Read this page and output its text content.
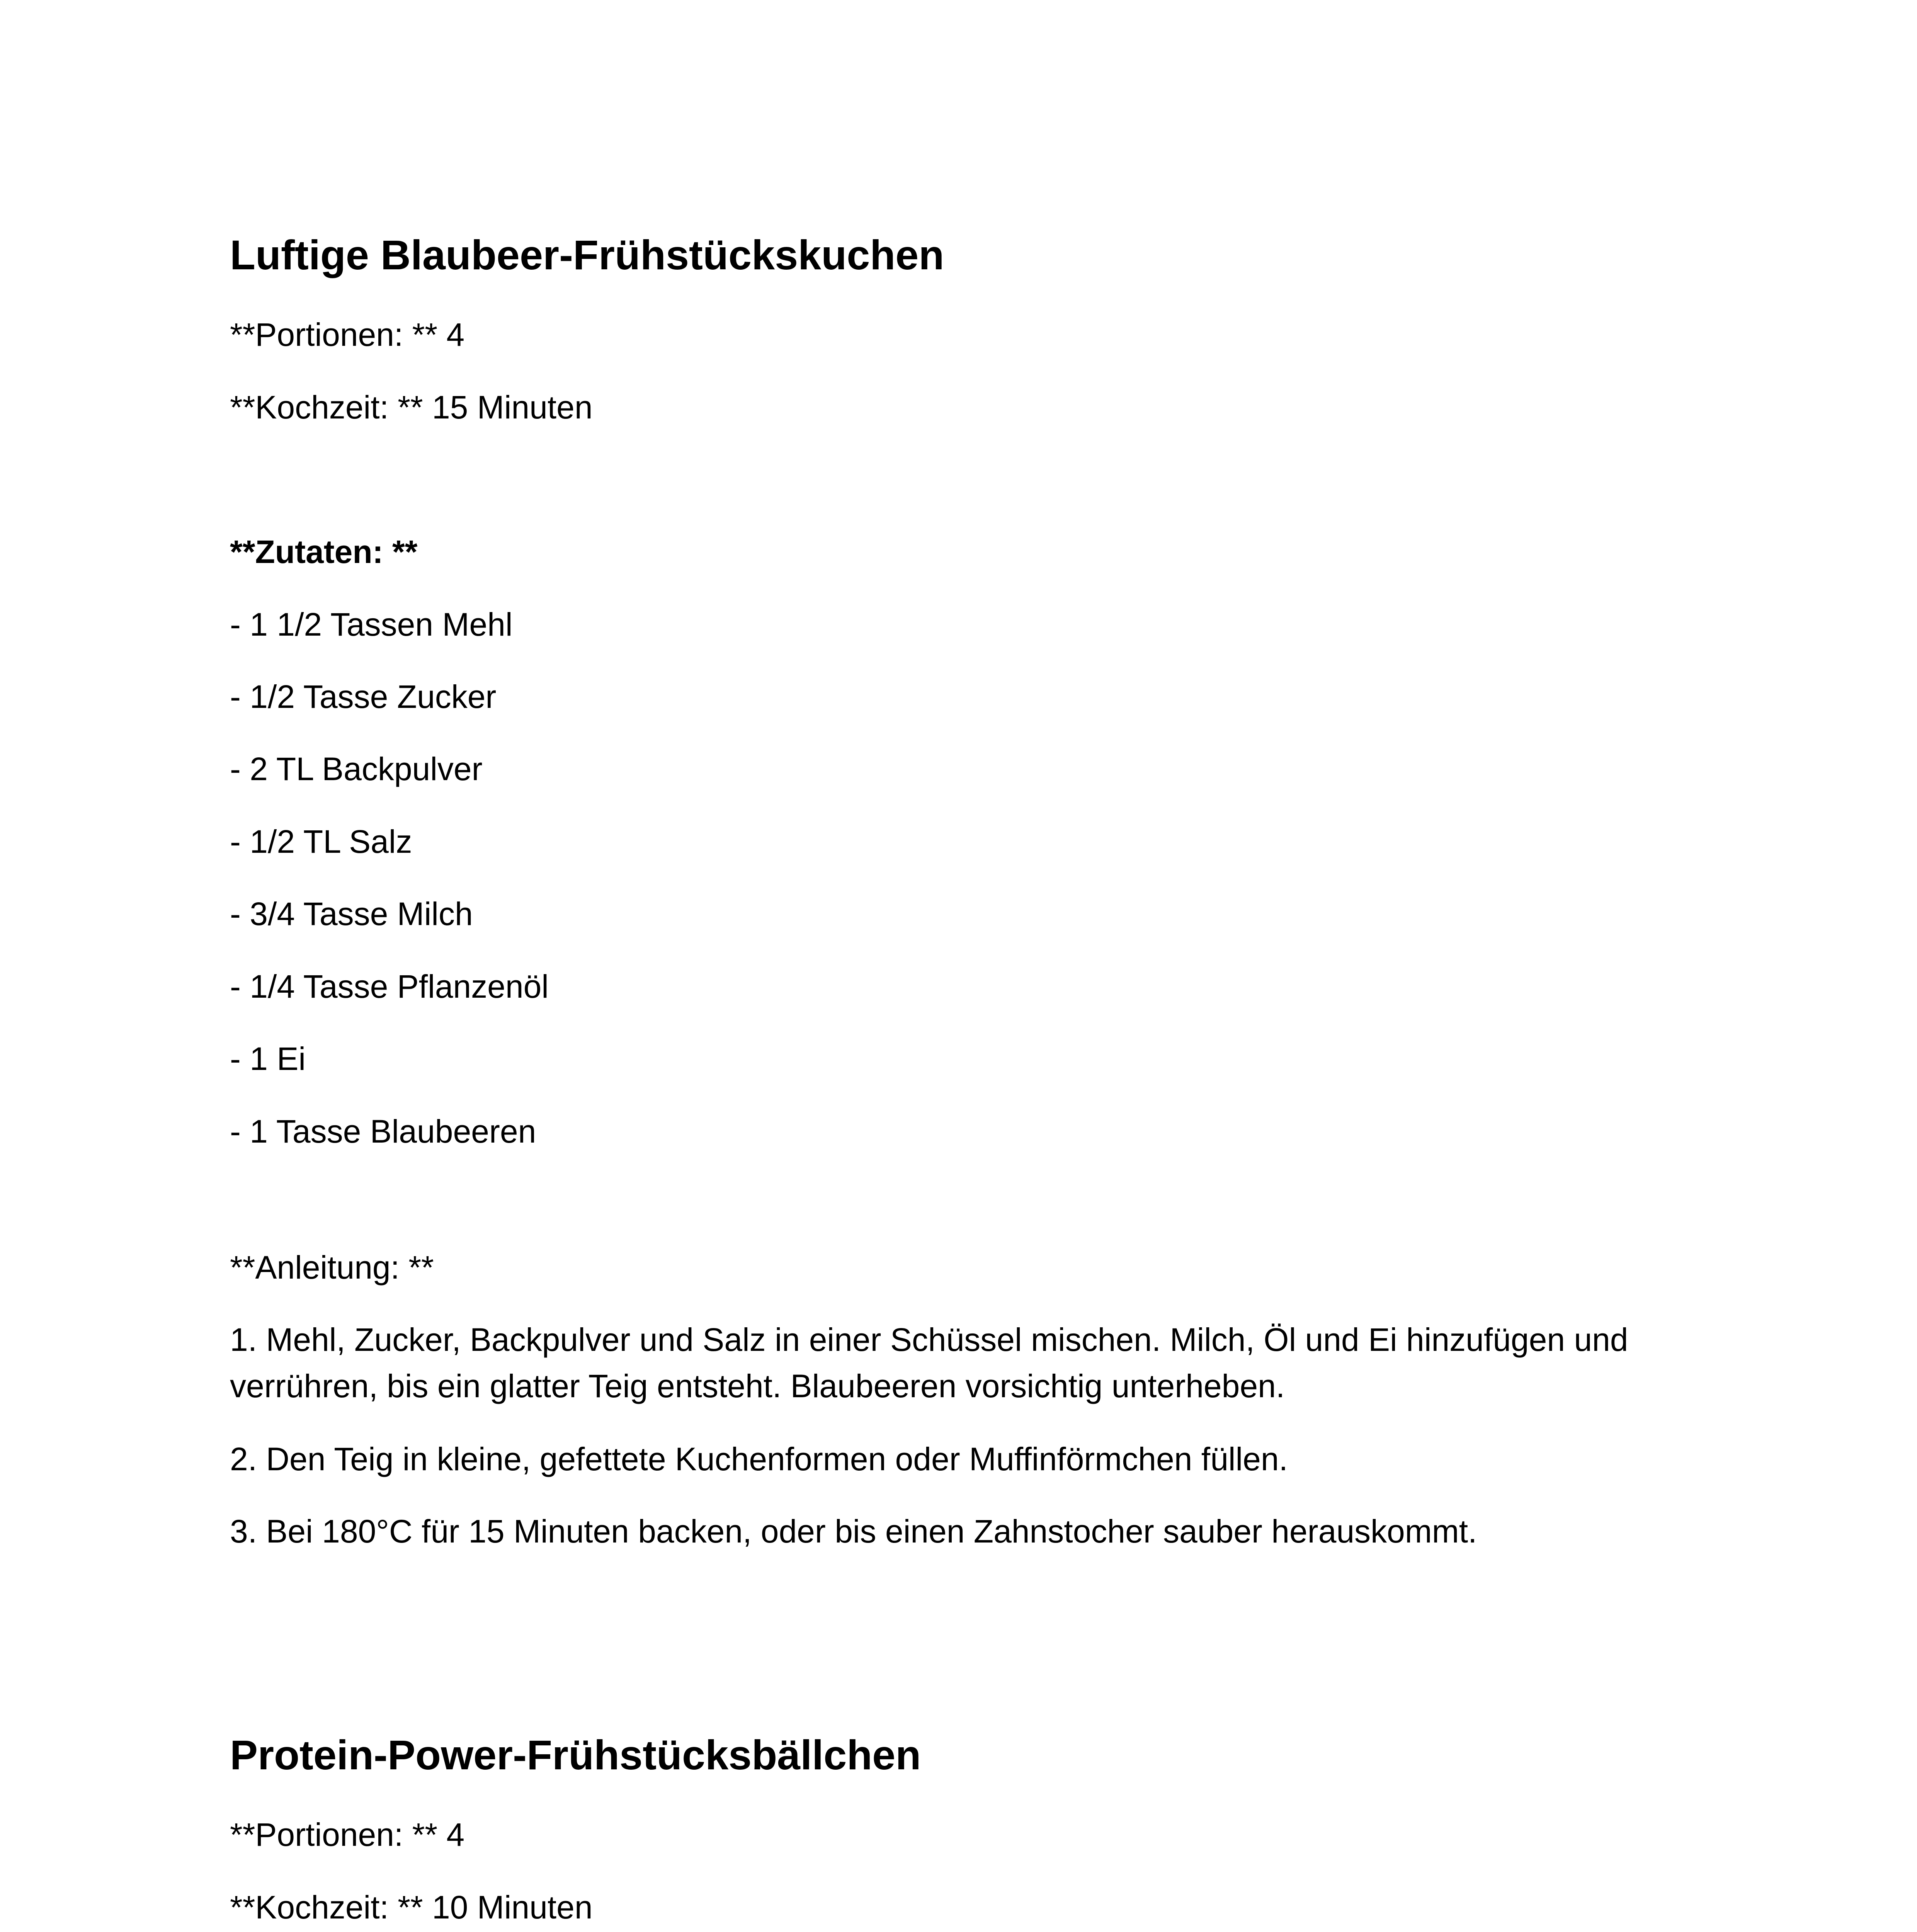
Luftige Blaubeer-Frühstückskuchen

**Portionen: ** 4

**Kochzeit: ** 15 Minuten

**Zutaten: **

- 1 1/2 Tassen Mehl

- 1/2 Tasse Zucker

- 2 TL Backpulver

- 1/2 TL Salz

- 3/4 Tasse Milch

- 1/4 Tasse Pflanzenöl

- 1 Ei

- 1 Tasse Blaubeeren

**Anleitung: **

1. Mehl, Zucker, Backpulver und Salz in einer Schüssel mischen. Milch, Öl und Ei hinzufügen und verrühren, bis ein glatter Teig entsteht. Blaubeeren vorsichtig unterheben.

2. Den Teig in kleine, gefettete Kuchenformen oder Muffinförmchen füllen.

3. Bei 180°C für 15 Minuten backen, oder bis einen Zahnstocher sauber herauskommt.

Protein-Power-Frühstücksbällchen

**Portionen: ** 4

**Kochzeit: ** 10 Minuten
